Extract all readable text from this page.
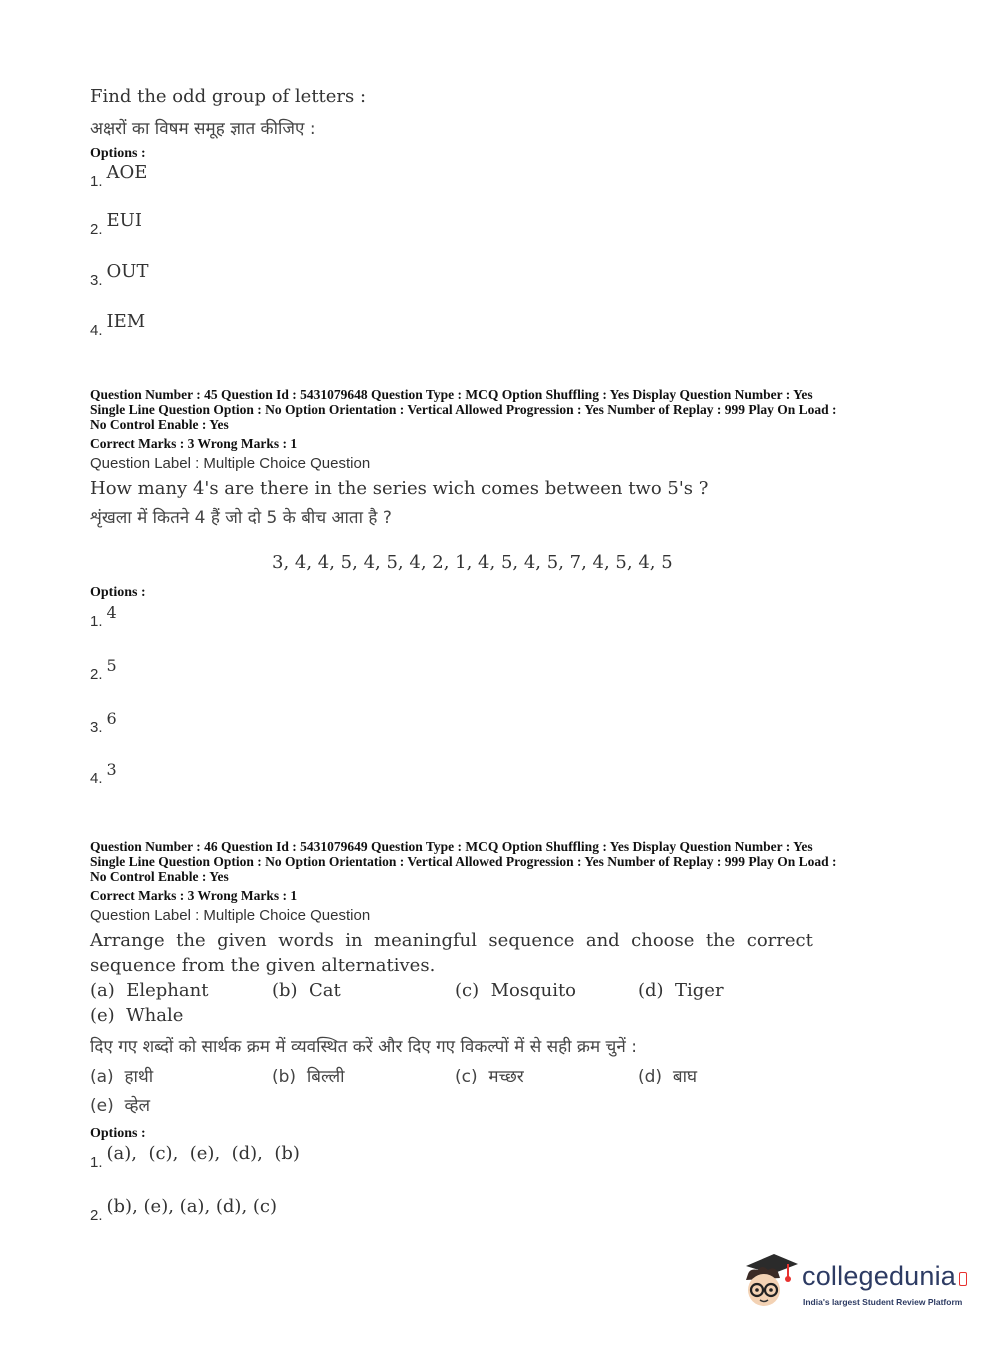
Find the odd group of letters :
अक्षरों का विषम समूह ज्ञात कीजिए :
Options :
1. AOE
2. EUI
3. OUT
4. IEM
Question Number : 45 Question Id : 5431079648 Question Type : MCQ Option Shuffling : Yes Display Question Number : Yes
Single Line Question Option : No Option Orientation : Vertical Allowed Progression : Yes Number of Replay : 999 Play On Load :
No Control Enable : Yes
Correct Marks : 3 Wrong Marks : 1
Question Label : Multiple Choice Question
How many 4's are there in the series wich comes between two 5's ?
शृंखला में कितने 4 हैं जो दो 5 के बीच आता है ?
3, 4, 4, 5, 4, 5, 4, 2, 1, 4, 5, 4, 5, 7, 4, 5, 4, 5
Options :
1. 4
2. 5
3. 6
4. 3
Question Number : 46 Question Id : 5431079649 Question Type : MCQ Option Shuffling : Yes Display Question Number : Yes
Single Line Question Option : No Option Orientation : Vertical Allowed Progression : Yes Number of Replay : 999 Play On Load :
No Control Enable : Yes
Correct Marks : 3 Wrong Marks : 1
Question Label : Multiple Choice Question
Arrange  the  given  words  in  meaningful  sequence  and  choose  the  correct
sequence from the given alternatives.
(a)  Elephant	(b)  Cat	(c)  Mosquito	(d)  Tiger
(e)  Whale
दिए गए शब्दों को सार्थक क्रम में व्यवस्थित करें और दिए गए विकल्पों में से सही क्रम चुनें :
(a)  हाथी	(b)  बिल्ली	(c)  मच्छर	(d)  बाघ
(e)  व्हेल
Options :
1. (a),  (c),  (e),  (d),  (b)
2. (b), (e), (a), (d), (c)
collegedunia
India's largest Student Review Platform
